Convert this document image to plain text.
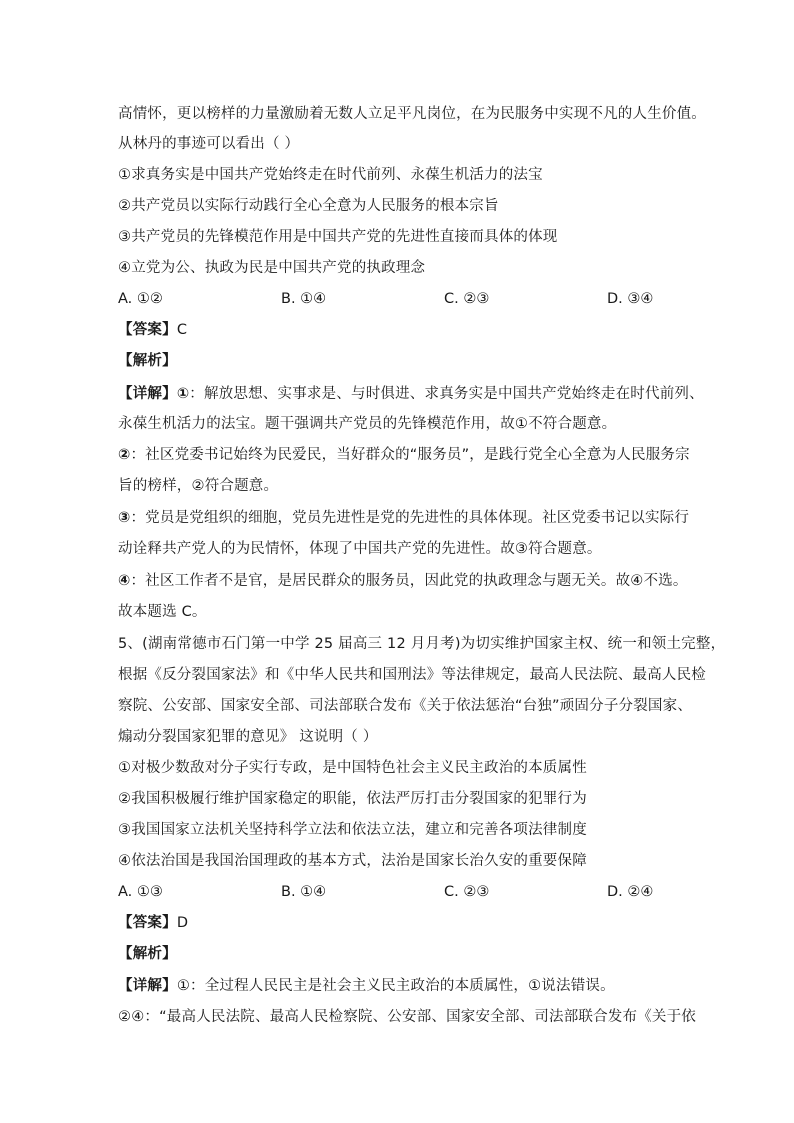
高情怀，更以榜样的力量激励着无数人立足平凡岗位，在为民服务中实现不凡的人生价值。
从林丹的事迹可以看出（ ）
①求真务实是中国共产党始终走在时代前列、永葆生机活力的法宝
②共产党员以实际行动践行全心全意为人民服务的根本宗旨
③共产党员的先锋模范作用是中国共产党的先进性直接而具体的体现
④立党为公、执政为民是中国共产党的执政理念
A. ①②	B. ①④	C. ②③	D. ③④
【答案】C
【解析】
【详解】①：解放思想、实事求是、与时俱进、求真务实是中国共产党始终走在时代前列、
永葆生机活力的法宝。题干强调共产党员的先锋模范作用，故①不符合题意。
②：社区党委书记始终为民爱民，当好群众的“服务员”，是践行党全心全意为人民服务宗
旨的榜样，②符合题意。
③：党员是党组织的细胞，党员先进性是党的先进性的具体体现。社区党委书记以实际行
动诠释共产党人的为民情怀，体现了中国共产党的先进性。故③符合题意。
④：社区工作者不是官，是居民群众的服务员，因此党的执政理念与题无关。故④不选。
故本题选 C。
5、(湖南常德市石门第一中学 25 届高三 12 月月考)为切实维护国家主权、统一和领土完整，
根据《反分裂国家法》和《中华人民共和国刑法》等法律规定，最高人民法院、最高人民检
察院、公安部、国家安全部、司法部联合发布《关于依法惩治“台独”顽固分子分裂国家、
煽动分裂国家犯罪的意见》 这说明（ ）
①对极少数敌对分子实行专政，是中国特色社会主义民主政治的本质属性
②我国积极履行维护国家稳定的职能，依法严厉打击分裂国家的犯罪行为
③我国国家立法机关坚持科学立法和依法立法，建立和完善各项法律制度
④依法治国是我国治国理政的基本方式，法治是国家长治久安的重要保障
A. ①③	B. ①④	C. ②③	D. ②④
【答案】D
【解析】
【详解】①：全过程人民民主是社会主义民主政治的本质属性，①说法错误。
②④：“最高人民法院、最高人民检察院、公安部、国家安全部、司法部联合发布《关于依
